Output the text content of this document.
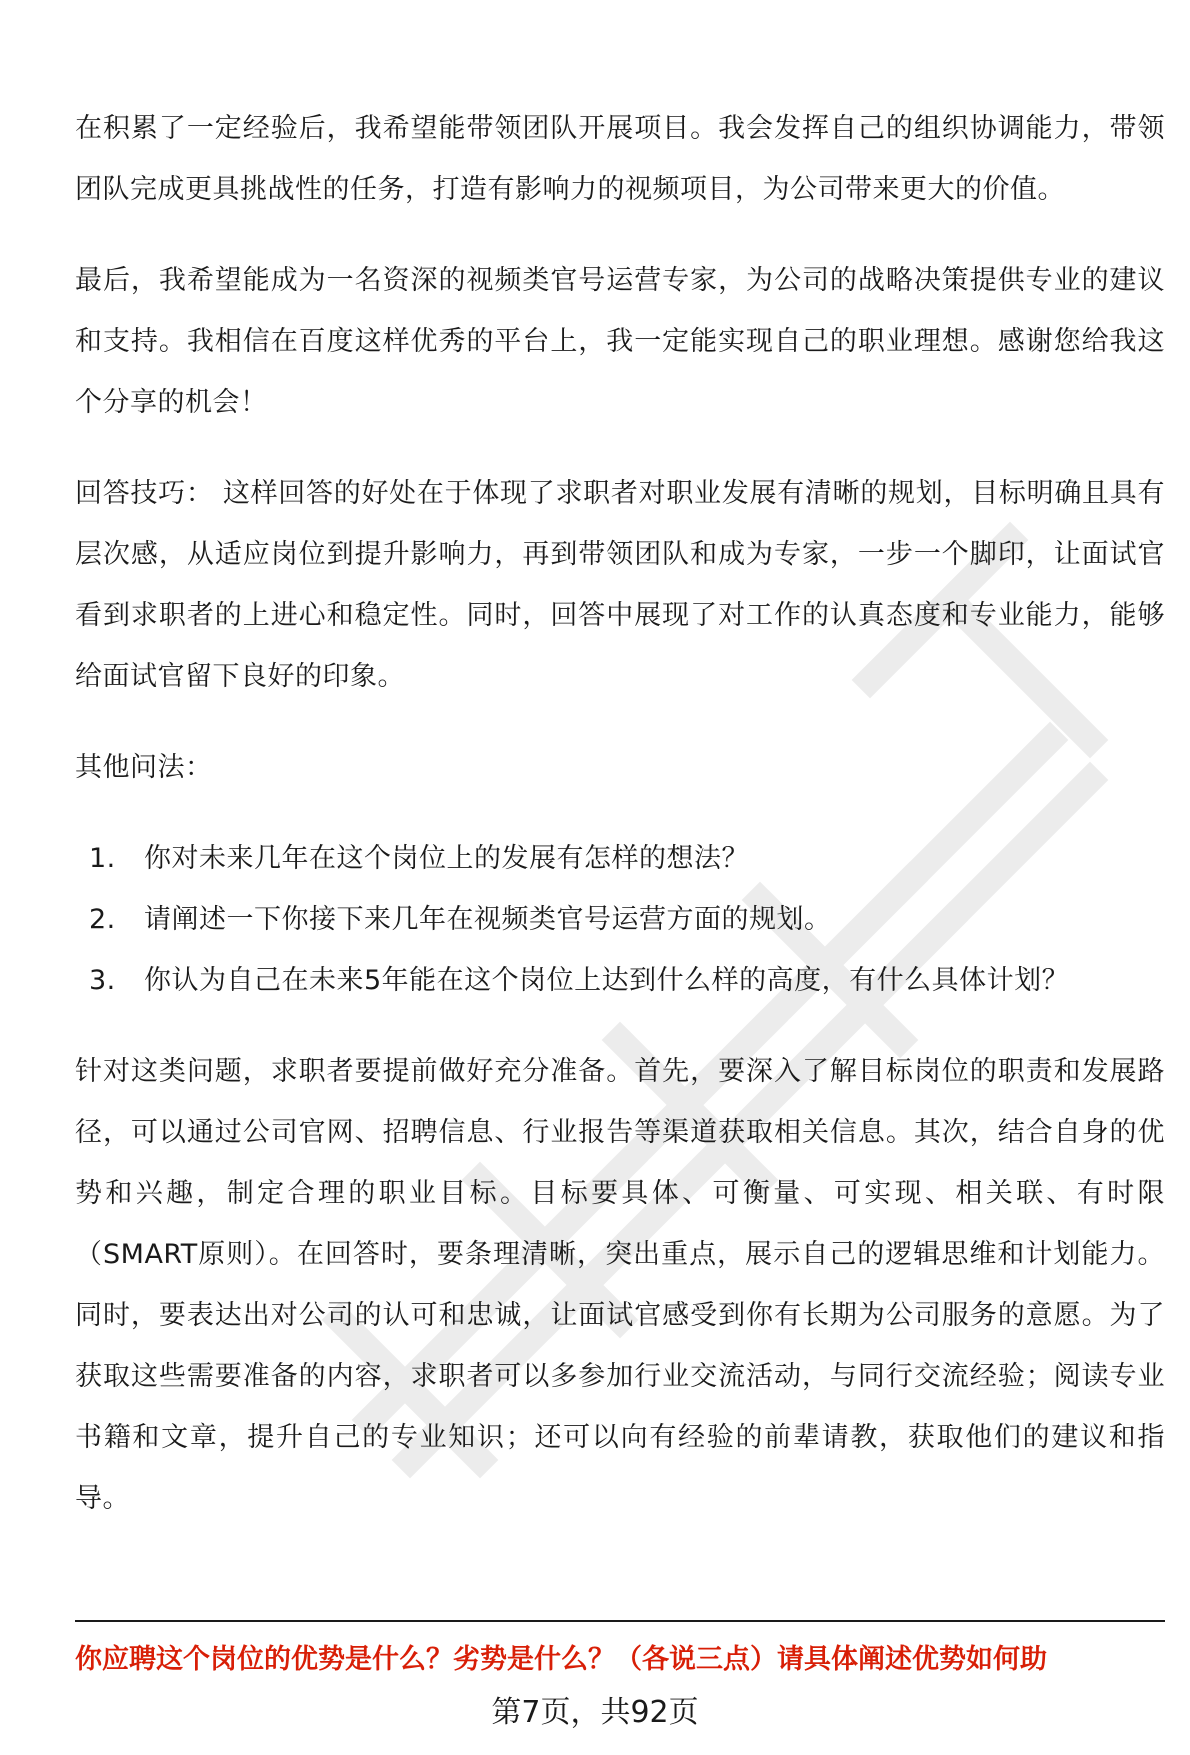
在积累了一定经验后，我希望能带领团队开展项目。我会发挥自己的组织协调能力，带领团队完成更具挑战性的任务，打造有影响力的视频项目，为公司带来更大的价值。

最后，我希望能成为一名资深的视频类官号运营专家，为公司的战略决策提供专业的建议和支持。我相信在百度这样优秀的平台上，我一定能实现自己的职业理想。感谢您给我这个分享的机会！

回答技巧： 这样回答的好处在于体现了求职者对职业发展有清晰的规划，目标明确且具有层次感，从适应岗位到提升影响力，再到带领团队和成为专家，一步一个脚印，让面试官看到求职者的上进心和稳定性。同时，回答中展现了对工作的认真态度和专业能力，能够给面试官留下良好的印象。

其他问法：

1.	你对未来几年在这个岗位上的发展有怎样的想法？
2.	请阐述一下你接下来几年在视频类官号运营方面的规划。
3.	你认为自己在未来5年能在这个岗位上达到什么样的高度，有什么具体计划？

针对这类问题，求职者要提前做好充分准备。首先，要深入了解目标岗位的职责和发展路径，可以通过公司官网、招聘信息、行业报告等渠道获取相关信息。其次，结合自身的优势和兴趣，制定合理的职业目标。目标要具体、可衡量、可实现、相关联、有时限（SMART原则）。在回答时，要条理清晰，突出重点，展示自己的逻辑思维和计划能力。同时，要表达出对公司的认可和忠诚，让面试官感受到你有长期为公司服务的意愿。为了获取这些需要准备的内容，求职者可以多参加行业交流活动，与同行交流经验；阅读专业书籍和文章，提升自己的专业知识；还可以向有经验的前辈请教，获取他们的建议和指导。

你应聘这个岗位的优势是什么？劣势是什么？（各说三点）请具体阐述优势如何助
第7页，共92页
